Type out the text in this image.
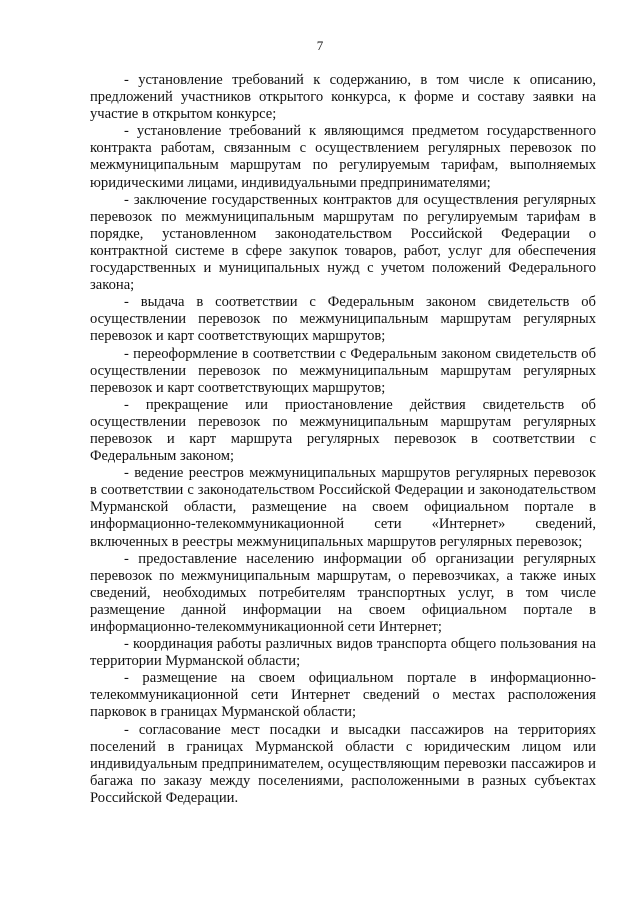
7

- установление требований к содержанию, в том числе к описанию, предложений участников открытого конкурса, к форме и составу заявки на участие в открытом конкурсе;

- установление требований к являющимся предметом государственного контракта работам, связанным с осуществлением регулярных перевозок по межмуниципальным маршрутам по регулируемым тарифам, выполняемых юридическими лицами, индивидуальными предпринимателями;

- заключение государственных контрактов для осуществления регулярных перевозок по межмуниципальным маршрутам по регулируемым тарифам в порядке, установленном законодательством Российской Федерации о контрактной системе в сфере закупок товаров, работ, услуг для обеспечения государственных и муниципальных нужд с учетом положений Федерального закона;

- выдача в соответствии с Федеральным законом свидетельств об осуществлении перевозок по межмуниципальным маршрутам регулярных перевозок и карт соответствующих маршрутов;

- переоформление в соответствии с Федеральным законом свидетельств об осуществлении перевозок по межмуниципальным маршрутам регулярных перевозок и карт соответствующих маршрутов;

- прекращение или приостановление действия свидетельств об осуществлении перевозок по межмуниципальным маршрутам регулярных перевозок и карт маршрута регулярных перевозок в соответствии с Федеральным законом;

- ведение реестров межмуниципальных маршрутов регулярных перевозок в соответствии с законодательством Российской Федерации и законодательством Мурманской области, размещение на своем официальном портале в информационно-телекоммуникационной сети «Интернет» сведений, включенных в реестры межмуниципальных маршрутов регулярных перевозок;

- предоставление населению информации об организации регулярных перевозок по межмуниципальным маршрутам, о перевозчиках, а также иных сведений, необходимых потребителям транспортных услуг, в том числе размещение данной информации на своем официальном портале в информационно-телекоммуникационной сети Интернет;

- координация работы различных видов транспорта общего пользования на территории Мурманской области;

- размещение на своем официальном портале в информационно-телекоммуникационной сети Интернет сведений о местах расположения парковок в границах Мурманской области;

- согласование мест посадки и высадки пассажиров на территориях поселений в границах Мурманской области с юридическим лицом или индивидуальным предпринимателем, осуществляющим перевозки пассажиров и багажа по заказу между поселениями, расположенными в разных субъектах Российской Федерации.
